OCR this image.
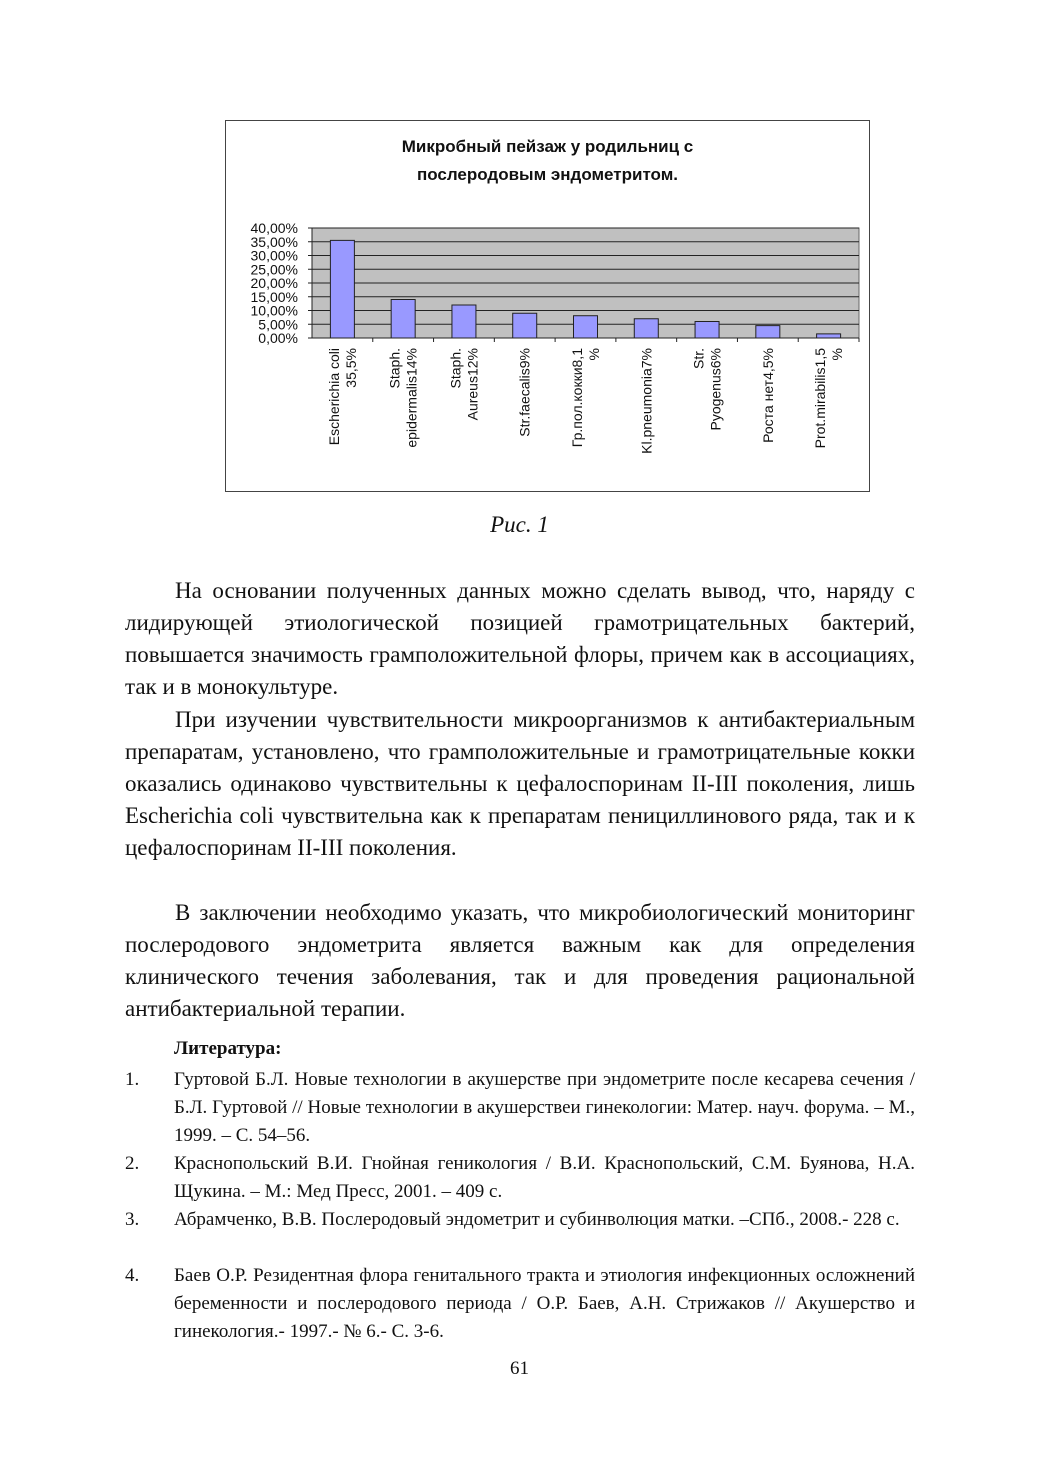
Микробный пейзаж у родильниц с
послеродовым эндометритом.
0,00%
5,00%
10,00%
15,00%
20,00%
25,00%
30,00%
35,00%
40,00%
Escherichia coli35,5% Staph.epidermalis14% Staph.Aureus12%	Str.faecalis9%	Гр.пол.кокки8,1%	Kl.pneumonia7%	Str.Pyogenus6%	Роста нет4,5%	Prot.mirabilis1,5%
Рис. 1

На основании полученных данных можно сделать вывод, что, наряду с лидирующей этиологической позицией грамотрицательных бактерий, повышается значимость грамположительной флоры, причем как в ассоциациях, так и в монокультуре.

При изучении чувствительности микроорганизмов к антибактериальным препаратам, установлено, что грамположительные и грамотрицательные кокки оказались одинаково чувствительны к цефалоспоринам II-III поколения, лишь Escherichia coli чувствительна как к препаратам пенициллинового ряда, так и к цефалоспоринам II-III поколения.

В заключении необходимо указать, что микробиологический мониторинг послеродового эндометрита является важным как для определения клинического течения заболевания, так и для проведения рациональной антибактериальной терапии.

Литература:
1. Гуртовой Б.Л. Новые технологии в акушерстве при эндометрите после кесарева сечения / Б.Л. Гуртовой // Новые технологии в акушерствеи гинекологии: Матер. науч. форума. – М., 1999. – С. 54–56.
2. Краснопольский В.И. Гнойная геникология / В.И. Краснопольский, С.М. Буянова, Н.А. Щукина. – М.: Мед Пресс, 2001. – 409 с.
3. Абрамченко, В.В. Послеродовый эндометрит и субинволюция матки. –СПб., 2008.- 228 с.
4. Баев О.Р. Резидентная флора генитального тракта и этиология инфекционных осложнений беременности и послеродового периода / О.Р. Баев, А.Н. Стрижаков // Акушерство и гинекология.- 1997.- № 6.- С. 3-6.
61
